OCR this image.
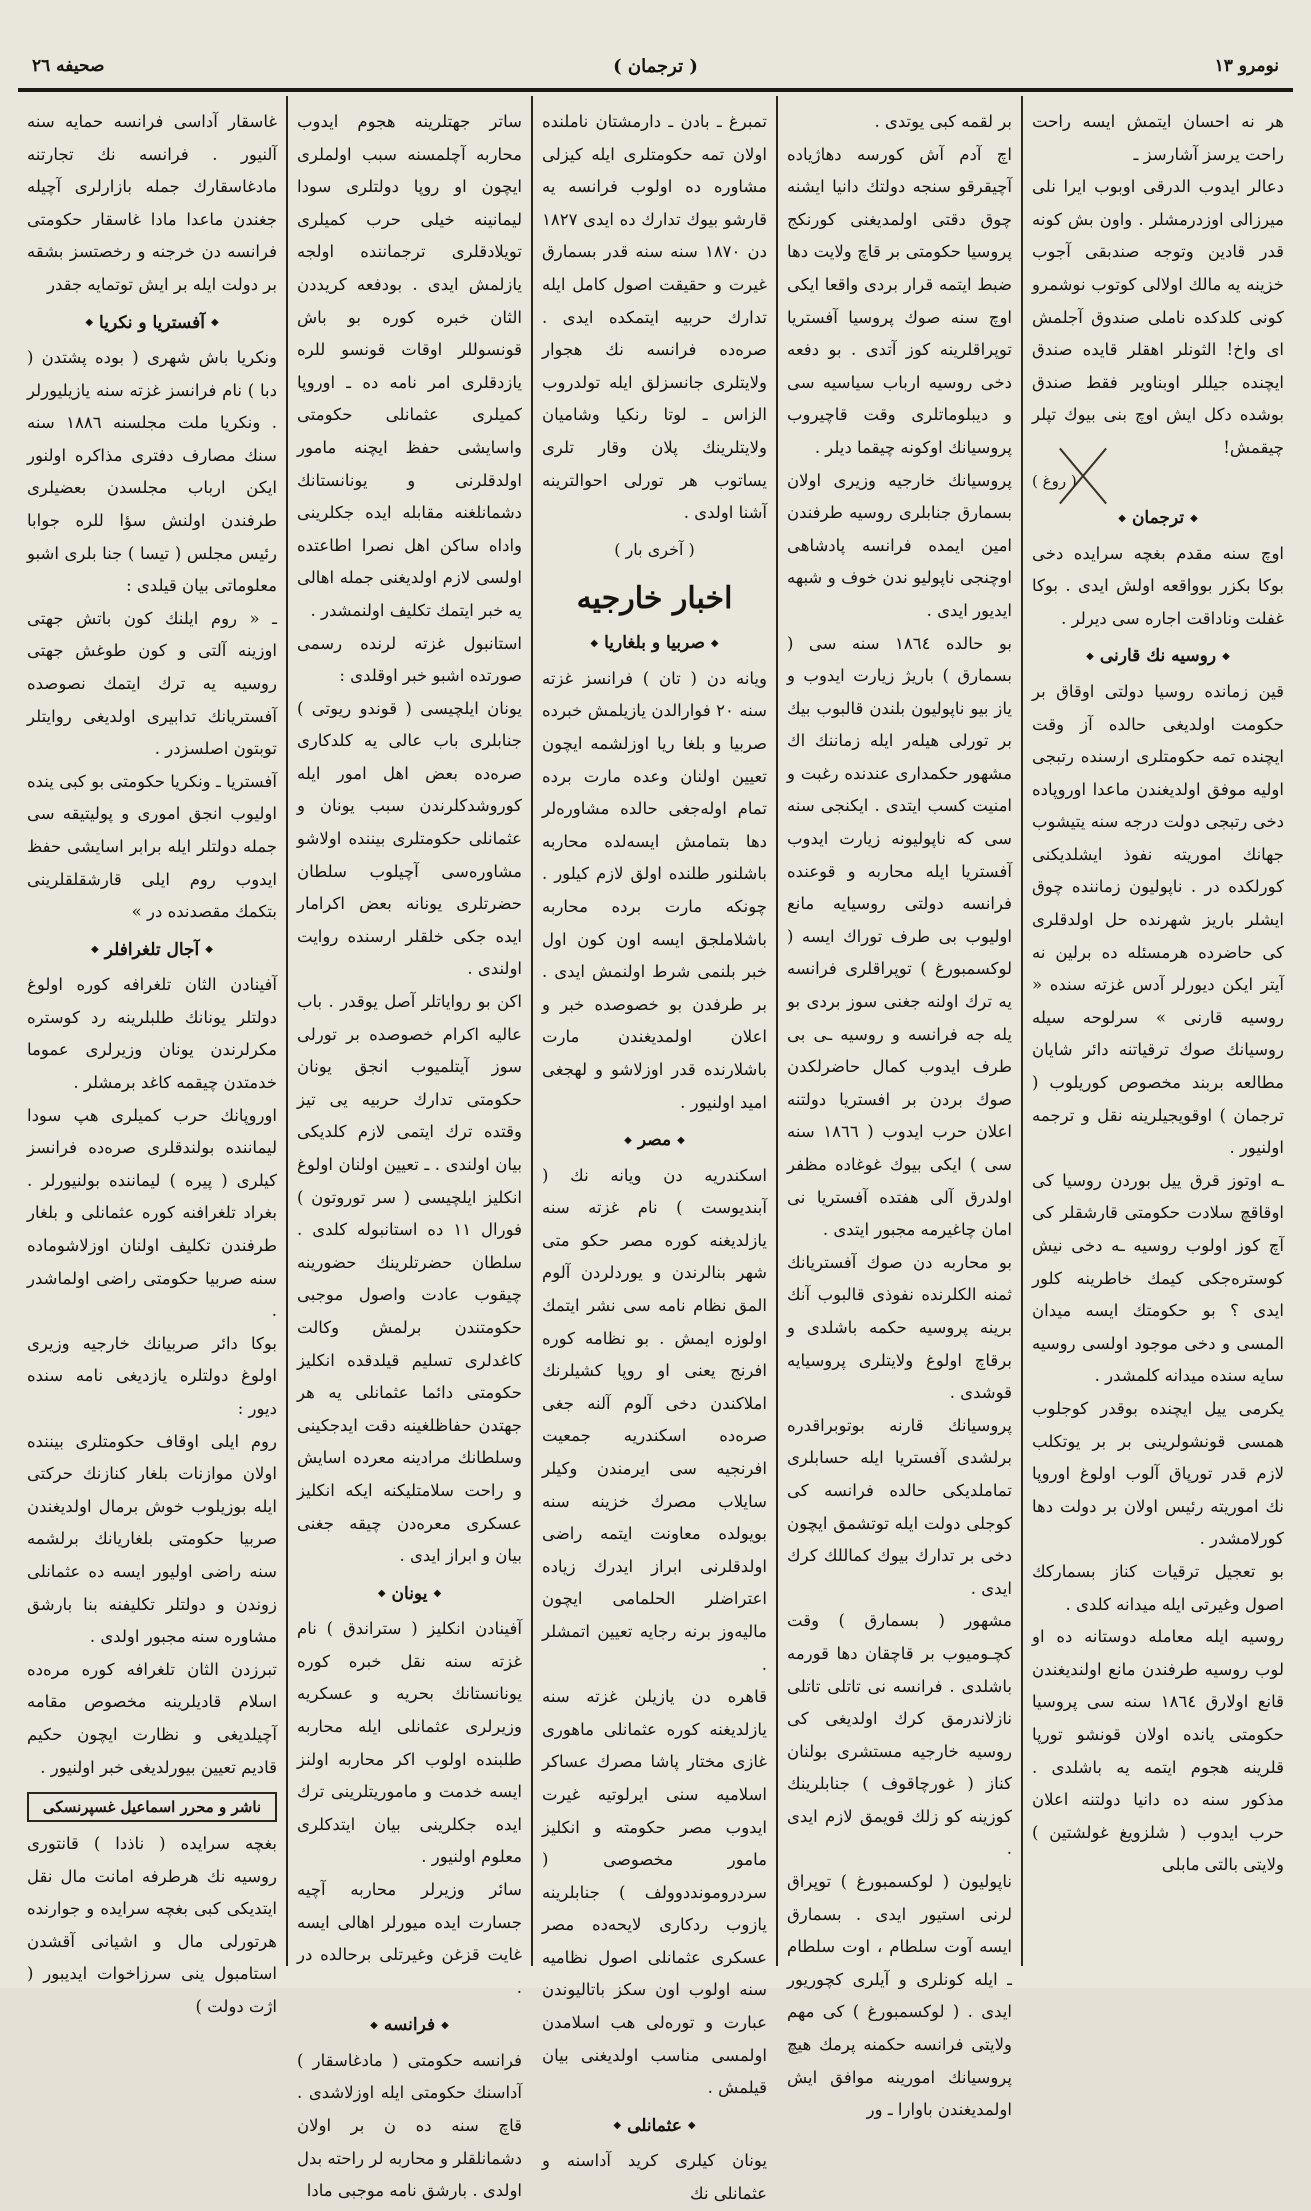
نومرو ۱۳
( ترجمان )
صحيفه ۲٦

هر نه احسان ايتمش ايسه راحت راحت يرسز آشارسز ـ

دعالر ايدوب الدرقى اوبوب ايرا نلى ميرزالى اوزدرمشلر . واون بش كونه قدر قادين وتوجه صندبقى آجوب خزينه يه مالك اولالى كوتوب نوشمرو كونى كلدكده ناملى صندوق آجلمش ای واخ! الثونلر اهقلر قايده صندق ايچنده جيللر اوبناوير فقط صندق بوشده دكل ايش اوچ بنى بيوك تپلر چيقمش!

( روغ )

◆ ترجمان ◆

اوچ سنه مقدم بغچه سرايده دخى بوكا بكزر بوواقعه اولش ايدى . بوكا غفلت وناداقت اجاره سى ديرلر .

◆ روسيه نك قارنى ◆

قين زمانده روسيا دولتى اوقاق بر حكومت اولديغى حالده آز وقت ايچنده تمه حكومتلرى ارسنده رتبجى اوليه موفق اولديغندن ماعدا اوروپاده دخى رتبجى دولت درجه سنه يتيشوب جهانك اموريته نفوذ ايشلديكنى كورلكده در . ناپوليون زماننده چوق ايشلر باريز شهرنده حل اولدقلرى كى حاضرده هرمسئله ده برلين نه آيتر ايكن ديورلر آدس غزته سنده « روسيه قارنى » سرلوحه سيله روسيانك صوك ترقياتنه دائر شايان مطالعه بربند مخصوص كوريلوب ( ترجمان ) اوقويجيلرينه نقل و ترجمه اولنيور .

ـه اوتوز قرق ييل بوردن روسيا كى اوقاقچ سلادت حكومتى قارشقلر كى آچ كوز اولوب روسيه ـه دخى نيش كوسترەجكى كيمك خاطرينه كلور ايدى ؟ بو حكومتك ايسه ميدان المسى و دخى موجود اولسى روسيه سايه سنده ميدانه كلمشدر .

يكرمى ييل ايچنده بوقدر كوجلوب همسى قونشولرينى بر بر يوتكلب لازم قدر تورپاق آلوب اولوغ اوروپا نك اموريته رئيس اولان بر دولت دها كورلامشدر .

بو تعجيل ترقيات كناز بسماركك اصول وغيرتى ايله ميدانه كلدى .

روسيه ايله معامله دوستانه ده او لوب روسيه طرفندن مانع اولنديغندن قانع اولارق ۱۸٦٤ سنه سى پروسيا حكومتى يانده اولان قونشو تورپا قلرينه هجوم ايتمه يه باشلدى . مذكور سنه ده دانيا دولتنه اعلان حرب ايدوب ( شلزويغ غولشتين ) ولايتى بالتى مابلى

بر لقمه كبى يوتدى .

اچ آدم آش كورسه دهاژياده آچيقرقو سنجه دولتك دانيا ايشنه چوق دقتى اولمديغنى كورنكج پروسيا حكومتى بر قاچ ولايت دها ضبط ايتمه قرار بردى واقعا ايكى اوچ سنه صوك پروسيا آفستريا توپراقلرينه كوز آتدى . بو دفعه دخى روسيه ارباب سياسيه سى و ديبلوماتلرى وقت قاچيروب پروسيانك اوكونه چيقما ديلر .

پروسيانك خارجيه وزيرى اولان بسمارق جنابلرى روسيه طرفندن امين ايمده فرانسه پادشاهى اوچنجى ناپوليو ندن خوف و شبهه ايديور ايدى .

بو حالده ۱۸٦٤ سنه سى ( بسمارق ) باريژ زيارت ايدوب و ياز بيو ناپوليون بلندن قالبوب بيك بر تورلى هيلەر ايله زماننك اك مشهور حكمدارى عندنده رغبت و امنيت كسب ايتدى . ايكنجى سنه سى كه ناپوليونه زيارت ايدوب آفستريا ايله محاربه و قوعنده فرانسه دولتى روسيايه مانع اوليوب بى طرف توراك ايسه ( لوكسمبورغ ) توپراقلرى فرانسه يه ترك اولنه جغنى سوز بردى بو يله جه فرانسه و روسيه ـى بى طرف ايدوب كمال حاضرلكدن صوك بردن بر افستريا دولتنه اعلان حرب ايدوب ( ۱۸٦٦ سنه سى ) ايكى بيوك غوغاده مظفر اولدرق آلى هفتده آفستريا نى امان چاغيرمه مجبور ايتدى .

بو محاربه دن صوك آفستريانك ثمنه الكلرنده نفوذى قالبوب آنك برينه پروسيه حكمه باشلدى و برقاچ اولوغ ولايتلرى پروسيايه قوشدى .

پروسيانك قارنه بوتوبراقدره برلشدى آفستريا ايله حسابلرى تماملديكى حالده فرانسه كى كوجلى دولت ايله توتشمق ايچون دخى بر تدارك بيوك كماللك كرك ايدى .

مشهور ( بسمارق ) وقت كچـوميوب بر قاچقان دها قورمه باشلدى . فرانسه نى تاتلى تاتلى نازلاندرمق كرك اولديغى كى روسيه خارجيه مستشرى بولنان كناز ( غورچاقوف ) جنابلرينك كوزينه كو زلك قويمق لازم ايدى .

ناپوليون ( لوكسمبورغ ) توپراق لرنى استيور ايدى . بسمارق ايسه آوت سلطام ، اوت سلطام ـ ايله كونلرى و آيلرى كچوريور ايدى . ( لوكسمبورغ ) كى مهم ولايتى فرانسه حكمنه پرمك هيچ پروسيانك امورينه موافق ايش اولمديغندن باوارا ـ ور

تمبرغ ـ بادن ـ دارمشتان ناملنده اولان تمه حكومتلرى ايله كيزلى مشاوره ده اولوب فرانسه يه قارشو بيوك تدارك ده ايدى ۱۸۲۷ دن ۱۸۷۰ سنه سنه قدر بسمارق غيرت و حقيقت اصول كامل ايله تدارك حربيه ايتمكده ايدى . صرەده فرانسه نك هجوار ولايتلرى جانسزلق ايله تولدروب الزاس ـ لوتا رنكيا وشاميان ولايتلرينك پلان وقار تلرى يساتوب هر تورلى احوالترينه آشنا اولدى .

( آخرى بار )
اخبار خارجيه
◆ صربيا و بلغاريا ◆

ويانه دن ( تان ) فرانسز غزته سنه ۲۰ فوارالدن يازيلمش خبرده صربيا و بلغا ريا اوزلشمه ايچون تعيين اولنان وعده مارت برده تمام اولەجغى حالده مشاورەلر دها بتمامش ايسەلده محاربه باشلنور طلنده اولق لازم كيلور . چونكه مارت برده محاربه باشلاملجق ايسه اون كون اول خبر بلنمى شرط اولنمش ايدى . بر طرفدن بو خصوصده خبر و اعلان اولمديغندن مارت باشلارنده قدر اوزلاشو و لهجغى اميد اولنيور .

◆ مصر ◆

اسكندريه دن ويانه نك ( آبنديوست ) نام غزته سنه يازلديغنه كوره مصر حكو متى شهر بنالرندن و يوردلردن آلوم المق نظام نامه سى نشر ايتمك اولوزه ايمش . بو نظامه كوره افرنج يعنى او روپا كشيلرنك املاكندن دخى آلوم آلنه جغى صرەده اسكندريه جمعيت افرنجيه سى ايرمندن وكيلر سايلاب مصرك خزينه سنه بويولده معاونت ايتمه راضى اولدقلرنى ابراز ايدرك زياده اعتراضلر الحلمامى ايچون ماليەوز برنه رجايه تعيين اتمشلر .

قاهره دن يازيلن غزته سنه يازلديغنه كوره عثمانلى ماهورى غازى مختار پاشا مصرك عساكر اسلاميه سنى ايرلوتيه غيرت ايدوب مصر حكومته و انكليز مامور مخصوصى ( سردرومونددوولف ) جنابلرينه يازوب ردكارى لايحەده مصر عسكرى عثمانلى اصول نظاميه سنه اولوب اون سكز باتاليوندن عبارت و تورەلى هب اسلامدن اولمسى مناسب اولديغنى بيان قيلمش .

◆ عثمانلى ◆

يونان كيلرى كريد آداسنه و عثمانلى نك

ساتر جهتلرينه هجوم ايدوب محاربه آچلمسنه سبب اولملرى ايچون او روپا دولتلرى سودا ليمانينه خيلى حرب كميلرى تويلادقلرى ترجماننده اولجه يازلمش ايدى . بودفعه كريددن الثان خبره كوره بو باش قونسوللر اوقات قونسو للره يازدقلرى امر نامه ده ـ اوروپا كميلرى عثمانلى حكومتى واسايشى حفظ ايچنه مامور اولدقلرنى و يونانستانك دشمانلغنه مقابله ايده جكلرينى واداه ساكن اهل نصرا اطاعتده اولسى لازم اولديغنى جمله اهالى يه خبر ايتمك تكليف اولنمشدر .

استانبول غزته لرنده رسمى صورتده اشبو خبر اوقلدى :

يونان ايلچيسى ( قوندو ريوتى ) جنابلرى باب عالى يه كلدكارى صرەده بعض اهل امور ايله كوروشدكلرندن سبب يونان و عثمانلى حكومتلرى بيننده اولاشو مشاورەسى آچيلوب سلطان حضرتلرى يونانه بعض اكرامار ايده جكى خلقلر ارسنده روايت اولندى .

اكن بو رواياتلر آصل يوقدر . باب عاليه اكرام خصوصده بر تورلى سوز آيتلميوب انجق يونان حكومتى تدارك حربيه يى تيز وقتده ترك ايتمى لازم كلديكى بيان اولندى . ـ تعيين اولنان اولوغ انكليز ايلچيسى ( سر توروتون ) فورال ۱۱ ده استانبوله كلدى . سلطان حضرتلرينك حضورينه چيقوب عادت واصول موجبى حكومتندن برلمش وكالت كاغدلرى تسليم قيلدقده انكليز حكومتى دائما عثمانلى يه هر جهتدن حفاظلغينه دقت ايدجكينى وسلطانك مرادينه معرده اسايش و راحت سلامتليكنه ايكه انكليز عسكرى معرەدن چيقه جغنى بيان و ابراز ايدى .

◆ يونان ◆

آفينادن انكليز ( ستراندق ) نام غزته سنه نقل خبره كوره يونانستانك بحريه و عسكريه وزيرلرى عثمانلى ايله محاربه طلبنده اولوب اكر محاربه اولنز ايسه خدمت و ماموريتلرينى ترك ايده جكلرينى بيان ايتدكلرى معلوم اولنيور .

سائر وزيرلر محاربه آچيه جسارت ايده ميورلر اهالى ايسه غايت قزغن وغيرتلى برحالده در .

◆ فرانسه ◆

فرانسه حكومتى ( مادغاسقار ) آداسنك حكومتى ايله اوزلاشدى . قاچ سنه ده ن بر اولان دشمانلقلر و محاربه لر راحته بدل اولدى . بارشق نامه موجبى مادا

غاسقار آداسى فرانسه حمايه سنه آلنيور . فرانسه نك تجارتنه مادغاسقارك جمله بازارلرى آچيله جغندن ماعدا مادا غاسقار حكومتى فرانسه دن خرجنه و رخصتسز بشقه بر دولت ايله بر ايش توتمايه جقدر

◆ آفستريا و نكريا ◆

ونكريا باش شهرى ( بوده پشتدن ( دبا ) نام فرانسز غزته سنه يازيليورلر . ونكريا ملت مجلسنه ۱۸۸٦ سنه سنك مصارف دفترى مذاكره اولنور ايكن ارباب مجلسدن بعضيلرى طرفندن اولنش سؤا للره جوابا رئيس مجلس ( تيسا ) جنا بلرى اشبو معلوماتى بيان قيلدى :

ـ « روم ايلنك كون باتش جهتى اوزينه آلتى و كون طوغش جهتى روسيه يه ترك ايتمك نصوصده آفستريانك تدابيرى اولديغى روايتلر توبتون اصلسزدر .

آفستريا ـ ونكريا حكومتى بو كبى ينده اوليوب انجق اموری و پوليتيقه سى جمله دولتلر ايله برابر اسايشى حفظ ايدوب روم ايلى قارشقلقلرينى بتكمك مقصدنده در »

◆ آجال تلغرافلر ◆

آفينادن الثان تلغرافه كوره اولوغ دولتلر يونانك طلبلرينه رد كوستره مكرلرندن يونان وزيرلرى عموما خدمتدن چيقمه كاغد برمشلر .

اوروپانك حرب كميلرى هپ سودا ليماننده بولندقلرى صرەده فرانسز كيلرى ( پيرە ) ليماننده بولنيورلر . بغراد تلغرافنه كوره عثمانلى و بلغار طرفندن تكليف اولنان اوزلاشوماده سنه صربيا حكومتى راضى اولماشدر .

بوكا دائر صربيانك خارجيه وزيرى اولوغ دولتلره يازديغى نامه سنده ديور :

روم ايلى اوقاف حكومتلرى بيننده اولان موازنات بلغار كنازنك حركتى ايله بوزيلوب خوش برمال اولديغندن صربيا حكومتى بلغاريانك برلشمه سنه راضى اوليور ايسه ده عثمانلى زوندن و دولتلر تكليفنه بنا بارشق مشاوره سنه مجبور اولدى .

تبرزدن الثان تلغرافه كوره مرەده اسلام قاديلرينه مخصوص مقامه آچيلديغى و نظارت ايچون حكيم قاديم تعيين بيورلديغى خبر اولنيور .

ناشر و محرر اسماعيل غسپرنسكى

بغچه سرايده ( ناذدا ) قانتورى روسيه نك هرطرفه امانت مال نقل ايتديكى كبى بغچه سرايده و جوارنده هرتورلى مال و اشيانى آقشدن استامبول ينى سرزاخوات ايديبور ( اژت دولت )
